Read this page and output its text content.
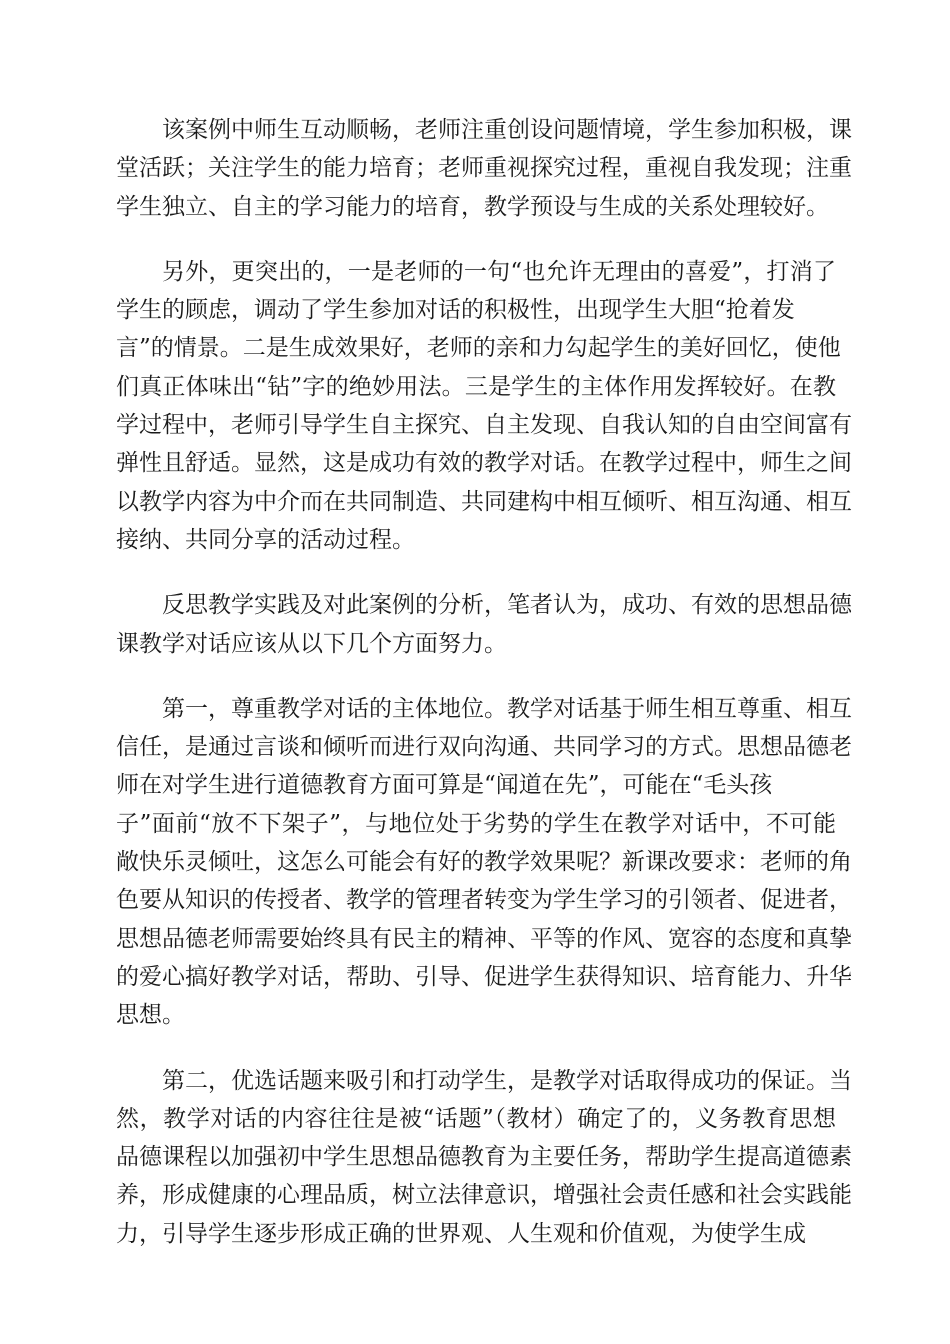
该案例中师生互动顺畅，老师注重创设问题情境，学生参加积极，课
堂活跃；关注学生的能力培育；老师重视探究过程，重视自我发现；注重
学生独立、自主的学习能力的培育，教学预设与生成的关系处理较好。
另外，更突出的，一是老师的一句“也允许无理由的喜爱”，打消了
学生的顾虑，调动了学生参加对话的积极性，出现学生大胆“抢着发
言”的情景。二是生成效果好，老师的亲和力勾起学生的美好回忆，使他
们真正体味出“钻”字的绝妙用法。三是学生的主体作用发挥较好。在教
学过程中，老师引导学生自主探究、自主发现、自我认知的自由空间富有
弹性且舒适。显然，这是成功有效的教学对话。在教学过程中，师生之间
以教学内容为中介而在共同制造、共同建构中相互倾听、相互沟通、相互
接纳、共同分享的活动过程。
反思教学实践及对此案例的分析，笔者认为，成功、有效的思想品德
课教学对话应该从以下几个方面努力。
第一，尊重教学对话的主体地位。教学对话基于师生相互尊重、相互
信任，是通过言谈和倾听而进行双向沟通、共同学习的方式。思想品德老
师在对学生进行道德教育方面可算是“闻道在先”，可能在“毛头孩
子”面前“放不下架子”，与地位处于劣势的学生在教学对话中，不可能
敞快乐灵倾吐，这怎么可能会有好的教学效果呢？新课改要求：老师的角
色要从知识的传授者、教学的管理者转变为学生学习的引领者、促进者，
思想品德老师需要始终具有民主的精神、平等的作风、宽容的态度和真挚
的爱心搞好教学对话，帮助、引导、促进学生获得知识、培育能力、升华
思想。
第二，优选话题来吸引和打动学生，是教学对话取得成功的保证。当
然，教学对话的内容往往是被“话题”（教材）确定了的，义务教育思想
品德课程以加强初中学生思想品德教育为主要任务，帮助学生提高道德素
养，形成健康的心理品质，树立法律意识，增强社会责任感和社会实践能
力，引导学生逐步形成正确的世界观、人生观和价值观，为使学生成
